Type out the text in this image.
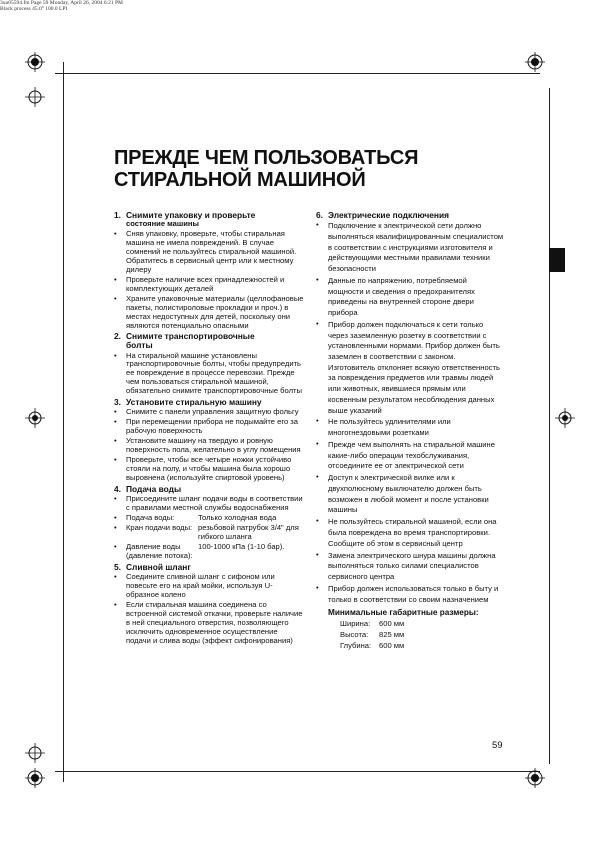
3uu05594.fm Page 59 Monday, April 26, 2004 6:21 PM
Black process 45.0° 100.0 LPI
ПРЕЖДЕ ЧЕМ ПОЛЬЗОВАТЬСЯ
СТИРАЛЬНОЙ МАШИНОЙ
1. Снимите упаковку и проверьте
состояние машины
•	Сняв упаковку, проверьте, чтобы стиральная машина не имела повреждений. В случае сомнений не пользуйтесь стиральной машиной. Обратитесь в сервисный центр или к местному дилеру
•	Проверьте наличие всех принадлежностей и комплектующих деталей
•	Храните упаковочные материалы (целлофановые пакеты, полистироловые прокладки и проч.) в местах недоступных для детей, поскольку они являются потенциально опасными
2. Снимите транспортировочные
болты
•	На стиральной машине установлены транспортировочные болты, чтобы предупредить ее повреждение в процессе перевозки. Прежде чем пользоваться стиральной машиной, обязательно снимите транспортировочные болты
3. Установите стиральную машину
•	Снимите с панели управления защитную фольгу
•	При перемещении прибора не подымайте его за рабочую поверхность
•	Установите машину на твердую и ровную поверхность пола, желательно в углу помещения
•	Проверьте, чтобы все четыре ножки устойчиво стояли на полу, и чтобы машина была хорошо выровнена (используйте спиртовой уровень)
4. Подача воды
•	Присоедините шланг подачи воды в соответствии с правилами местной службы водоснабжения
•	Подача воды:	Только холодная вода
•	Кран подачи воды: резьбовой патрубок 3/4" для гибкого шланга
•	Давление воды (давление потока):
100-1000 кПа (1-10 бар).
5. Сливной шланг
•	Соедините сливной шланг с сифоном или повесьте его на край мойки, используя U-образное колено
•	Если стиральная машина соединена со встроенной системой откачки, проверьте наличие в ней специального отверстия, позволяющего исключить одновременное осуществление подачи и слива воды (эффект сифонирования)
6. Электрические подключения
•	Подключение к электрической сети должно выполняться квалифицированным специалистом в соответствии с инструкциями изготовителя и действующими местными правилами техники безопасности
•	Данные по напряжению, потребляемой мощности и сведения о предохранителях приведены на внутренней стороне двери прибора
•	Прибор должен подключаться к сети только через заземленную розетку в соответствии с установленными нормами. Прибор должен быть заземлен в соответствии с законом. Изготовитель отклоняет всякую ответственность за повреждения предметов или травмы людей или животных, явившиеся прямым или косвенным результатом несоблюдения данных выше указаний
•	Не пользуйтесь удлинителями или многогнездовыми розетками
•	Прежде чем выполнять на стиральной машине какие-либо операции техобслуживания, отсоедините ее от электрической сети
•	Доступ к электрической вилке или к двухполюсному выключателю должен быть возможен в любой момент и после установки машины
•	Не пользуйтесь стиральной машиной, если она была повреждена во время транспортировки. Сообщите об этом в сервисный центр
•	Замена электрического шнура машины должна выполняться только силами специалистов сервисного центра
•	Прибор должен использоваться только в быту и только в соответствии со своим назначением
Минимальные габаритные размеры:
Ширина:	600 мм
Высота:	825 мм
Глубина:	600 мм
59
